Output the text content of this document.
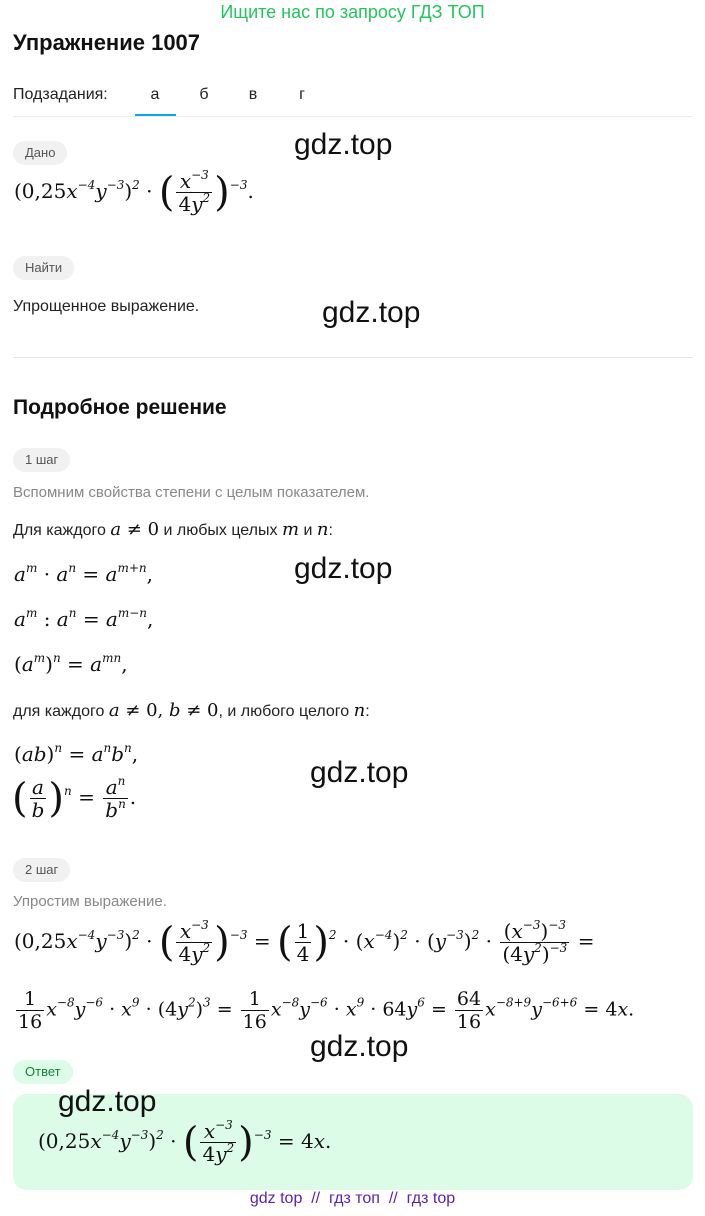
Ищите нас по запросу ГДЗ ТОП
Упражнение 1007
Подзадания:	а	б	в	г
Дано	gdz.top
$(0,25x^{-4}y^{-3})^2$ · ( $\frac{x^{-3}}{4y^2} )^{-3}$.
Найти
Упрощенное выражение.	gdz.top
Подробное решение
1 шаг
Вспомним свойства степени с целым показателем.
Для каждого a ≠ 0 и любых целых m и n:
$a^m \cdot a^n = a^{m+n}$,	gdz.top
$a^m$ : $a^n = a^{m-n}$,
$(a^m)^n = a^{mn}$,
для каждого a ≠ 0, b ≠ 0, и любого целого n:
$(ab)^n = a^nb^n$,
gdz.top
( $\frac{a}{b} )^n = \frac{a^n}{b^n}$ .
2 шаг
Упростим выражение.
$(0,25x^{-4}y^{-3})^2$ · ( $\frac{x^{-3}}{4y^2} )^{-3}$ = ( $\frac{1}{4} )^2 \cdot (x^{-4})^2 \cdot (y^{-3})^2 \cdot \frac{(x^{-3})^{-3}}{(4y^2)^{-3}}$ =
$\frac{1}{16} x^{-8}y^{-6} \cdot x^9 \cdot (4y^2)^3 = \frac{1}{16} x^{-8}y^{-6} \cdot x^9 \cdot 64y^6 = \frac{64}{16} x^{-8+9}y^{-6+6} = 4x$.
gdz.top
Ответ
gdz.top
$(0,25x^{-4}y^{-3})^2$ · ( $\frac{x^{-3}}{4y^2} )^{-3} = 4x$.
gdz top // гдз топ // гдз top
